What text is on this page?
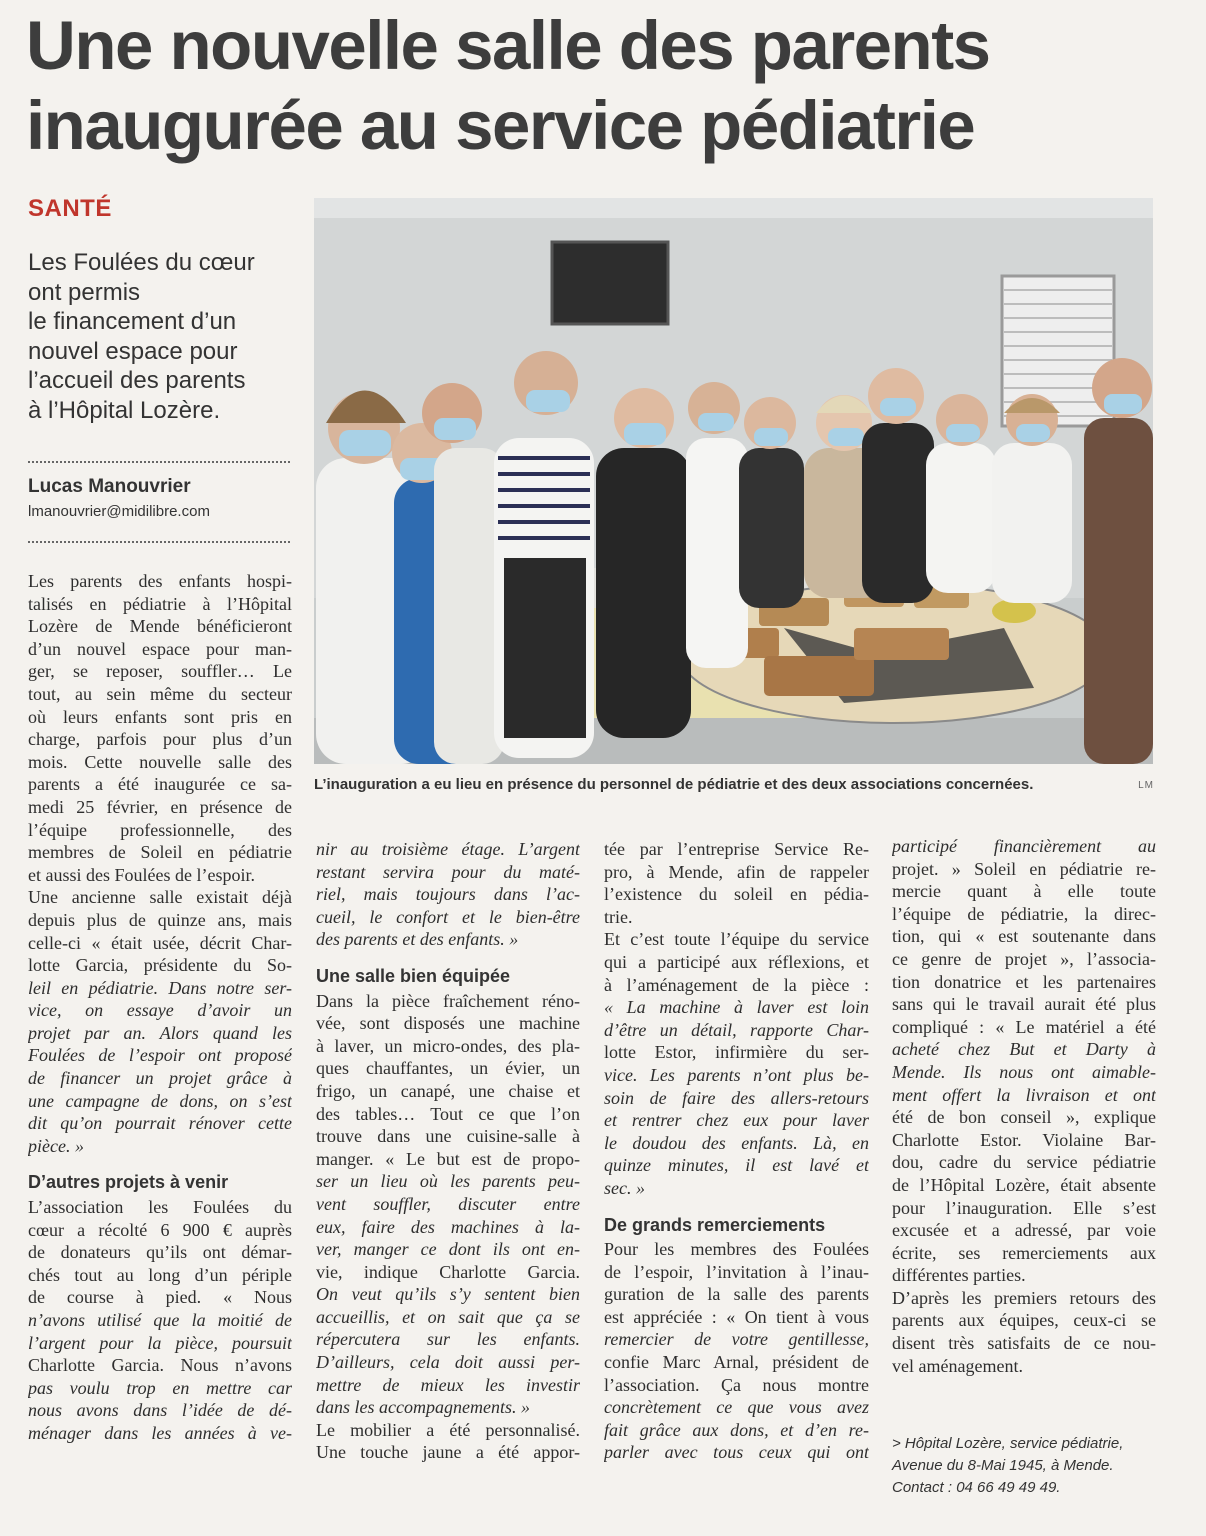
Une nouvelle salle des parents
inaugurée au service pédiatrie
SANTÉ
Les Foulées du cœur
ont permis
le financement d’un
nouvel espace pour
l’accueil des parents
à l’Hôpital Lozère.
Lucas Manouvrier
lmanouvrier@midilibre.com
L’inauguration a eu lieu en présence du personnel de pédiatrie et des deux associations concernées.	LM

Les parents des enfants hospi-
talisés en pédiatrie à l’Hôpital
Lozère de Mende bénéficieront
d’un nouvel espace pour man-
ger, se reposer, souffler… Le
tout, au sein même du secteur
où leurs enfants sont pris en
charge, parfois pour plus d’un
mois. Cette nouvelle salle des
parents a été inaugurée ce sa-
medi 25 février, en présence de
l’équipe professionnelle, des
membres de Soleil en pédiatrie
et aussi des Foulées de l’espoir.

Une ancienne salle existait déjà
depuis plus de quinze ans, mais
celle-ci « était usée, décrit Char-
lotte Garcia, présidente du So-
leil en pédiatrie. Dans notre ser-
vice, on essaye d’avoir un
projet par an. Alors quand les
Foulées de l’espoir ont proposé
de financer un projet grâce à
une campagne de dons, on s’est
dit qu’on pourrait rénover cette
pièce. »

D’autres projets à venir

L’association les Foulées du
cœur a récolté 6 900 € auprès
de donateurs qu’ils ont démar-
chés tout au long d’un périple
de course à pied. « Nous
n’avons utilisé que la moitié de
l’argent pour la pièce, poursuit
Charlotte Garcia. Nous n’avons
pas voulu trop en mettre car
nous avons dans l’idée de dé-
ménager dans les années à ve-

nir au troisième étage. L’argent
restant servira pour du maté-
riel, mais toujours dans l’ac-
cueil, le confort et le bien-être
des parents et des enfants. »

Une salle bien équipée

Dans la pièce fraîchement réno-
vée, sont disposés une machine
à laver, un micro-ondes, des pla-
ques chauffantes, un évier, un
frigo, un canapé, une chaise et
des tables… Tout ce que l’on
trouve dans une cuisine-salle à
manger. « Le but est de propo-
ser un lieu où les parents peu-
vent souffler, discuter entre
eux, faire des machines à la-
ver, manger ce dont ils ont en-
vie, indique Charlotte Garcia.
On veut qu’ils s’y sentent bien
accueillis, et on sait que ça se
répercutera sur les enfants.
D’ailleurs, cela doit aussi per-
mettre de mieux les investir
dans les accompagnements. »

Le mobilier a été personnalisé.
Une touche jaune a été appor-

tée par l’entreprise Service Re-
pro, à Mende, afin de rappeler
l’existence du soleil en pédia-
trie.

Et c’est toute l’équipe du service
qui a participé aux réflexions, et
à l’aménagement de la pièce :
« La machine à laver est loin
d’être un détail, rapporte Char-
lotte Estor, infirmière du ser-
vice. Les parents n’ont plus be-
soin de faire des allers-retours
et rentrer chez eux pour laver
le doudou des enfants. Là, en
quinze minutes, il est lavé et
sec. »

De grands remerciements

Pour les membres des Foulées
de l’espoir, l’invitation à l’inau-
guration de la salle des parents
est appréciée : « On tient à vous
remercier de votre gentillesse,
confie Marc Arnal, président de
l’association. Ça nous montre
concrètement ce que vous avez
fait grâce aux dons, et d’en re-
parler avec tous ceux qui ont

participé financièrement au
projet. » Soleil en pédiatrie re-
mercie quant à elle toute
l’équipe de pédiatrie, la direc-
tion, qui « est soutenante dans
ce genre de projet », l’associa-
tion donatrice et les partenaires
sans qui le travail aurait été plus
compliqué : « Le matériel a été
acheté chez But et Darty à
Mende. Ils nous ont aimable-
ment offert la livraison et ont
été de bon conseil », explique
Charlotte Estor. Violaine Bar-
dou, cadre du service pédiatrie
de l’Hôpital Lozère, était absente
pour l’inauguration. Elle s’est
excusée et a adressé, par voie
écrite, ses remerciements aux
différentes parties.

D’après les premiers retours des
parents aux équipes, ceux-ci se
disent très satisfaits de ce nou-
vel aménagement.

> Hôpital Lozère, service pédiatrie,
Avenue du 8-Mai 1945, à Mende.
Contact : 04 66 49 49 49.
